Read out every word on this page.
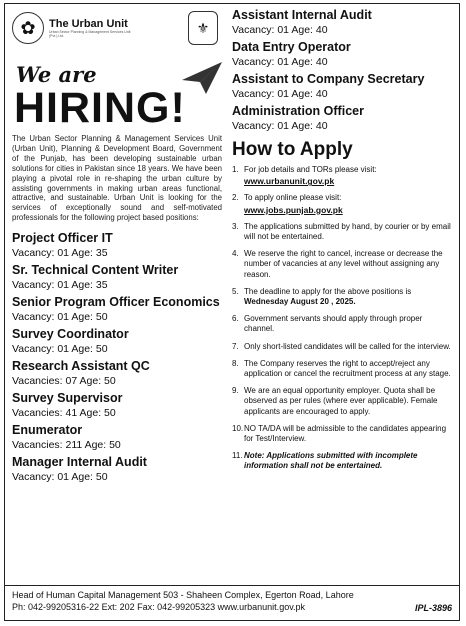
✿	The Urban Unit
Urban Sector Planning & Management Services Unit (Pvt.) Ltd.
⚜
We are
HIRING!
The Urban Sector Planning & Management Services Unit (Urban Unit), Planning & Development Board, Government of the Punjab, has been developing sustainable urban solutions for cities in Pakistan since 18 years. We have been playing a pivotal role in re-shaping the urban culture by assisting governments in making urban areas functional, attractive, and sustainable. Urban Unit is looking for the services of exceptionally sound and self-motivated professionals for the following project based positions:
Project Officer IT
Vacancy: 01 Age: 35
Sr. Technical Content Writer
Vacancy: 01 Age: 35
Senior Program Officer Economics
Vacancy: 01 Age: 50
Survey Coordinator
Vacancy: 01 Age: 50
Research Assistant QC
Vacancies: 07 Age: 50
Survey Supervisor
Vacancies: 41 Age: 50
Enumerator
Vacancies: 211 Age: 50
Manager Internal Audit
Vacancy: 01 Age: 50
Assistant Internal Audit
Vacancy: 01 Age: 40
Data Entry Operator
Vacancy: 01 Age: 40
Assistant to Company Secretary
Vacancy: 01 Age: 40
Administration Officer
Vacancy: 01 Age: 40
How to Apply
1. For job details and TORs please visit:
www.urbanunit.gov.pk
2. To apply online please visit:
www.jobs.punjab.gov.pk
3. The applications submitted by hand, by courier or by email will not be entertained.
4. We reserve the right to cancel, increase or decrease the number of vacancies at any level without assigning any reason.
5. The deadline to apply for the above positions is Wednesday August 20 , 2025.
6. Government servants should apply through proper channel.
7. Only short-listed candidates will be called for the interview.
8. The Company reserves the right to accept/reject any application or cancel the recruitment process at any stage.
9. We are an equal opportunity employer. Quota shall be observed as per rules (where ever applicable). Female applicants are encouraged to apply.
10. NO TA/DA will be admissible to the candidates appearing for Test/Interview.
11. Note: Applications submitted with incomplete information shall not be entertained.
Head of Human Capital Management 503 - Shaheen Complex, Egerton Road, Lahore
Ph: 042-99205316-22 Ext: 202 Fax: 042-99205323 www.urbanunit.gov.pk	IPL-3896
